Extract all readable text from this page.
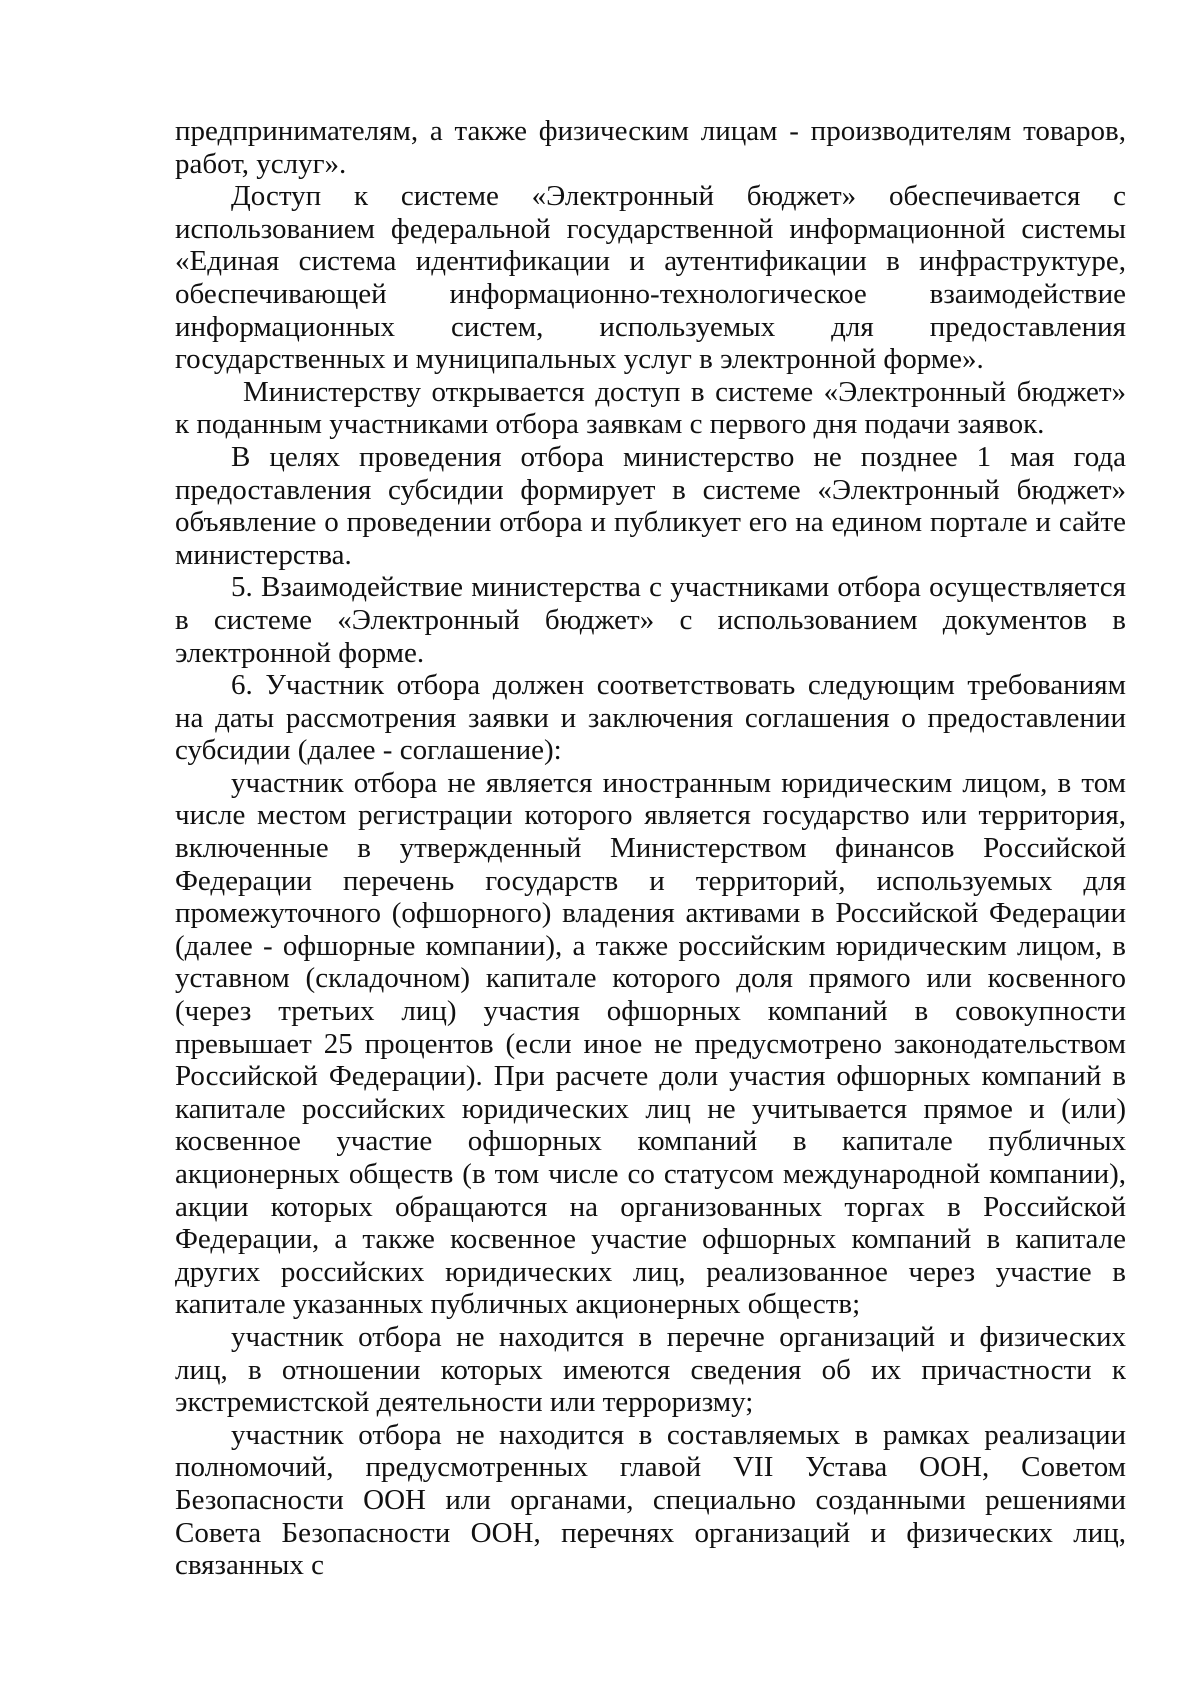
предпринимателям, а также физическим лицам - производителям товаров, работ, услуг».

Доступ к системе «Электронный бюджет» обеспечивается с использованием федеральной государственной информационной системы «Единая система идентификации и аутентификации в инфраструктуре, обеспечивающей информационно-технологическое взаимодействие информационных систем, используемых для предоставления государственных и муниципальных услуг в электронной форме».

Министерству открывается доступ в системе «Электронный бюджет» к поданным участниками отбора заявкам с первого дня подачи заявок.

В целях проведения отбора министерство не позднее 1 мая года предоставления субсидии формирует в системе «Электронный бюджет» объявление о проведении отбора и публикует его на едином портале и сайте министерства.

5. Взаимодействие министерства с участниками отбора осуществляется в системе «Электронный бюджет» с использованием документов в электронной форме.

6. Участник отбора должен соответствовать следующим требованиям на даты рассмотрения заявки и заключения соглашения о предоставлении субсидии (далее - соглашение):

участник отбора не является иностранным юридическим лицом, в том числе местом регистрации которого является государство или территория, включенные в утвержденный Министерством финансов Российской Федерации перечень государств и территорий, используемых для промежуточного (офшорного) владения активами в Российской Федерации (далее - офшорные компании), а также российским юридическим лицом, в уставном (складочном) капитале которого доля прямого или косвенного (через третьих лиц) участия офшорных компаний в совокупности превышает 25 процентов (если иное не предусмотрено законодательством Российской Федерации). При расчете доли участия офшорных компаний в капитале российских юридических лиц не учитывается прямое и (или) косвенное участие офшорных компаний в капитале публичных акционерных обществ (в том числе со статусом международной компании), акции которых обращаются на организованных торгах в Российской Федерации, а также косвенное участие офшорных компаний в капитале других российских юридических лиц, реализованное через участие в капитале указанных публичных акционерных обществ;

участник отбора не находится в перечне организаций и физических лиц, в отношении которых имеются сведения об их причастности к экстремистской деятельности или терроризму;

участник отбора не находится в составляемых в рамках реализации полномочий, предусмотренных главой VII Устава ООН, Советом Безопасности ООН или органами, специально созданными решениями Совета Безопасности ООН, перечнях организаций и физических лиц, связанных с
